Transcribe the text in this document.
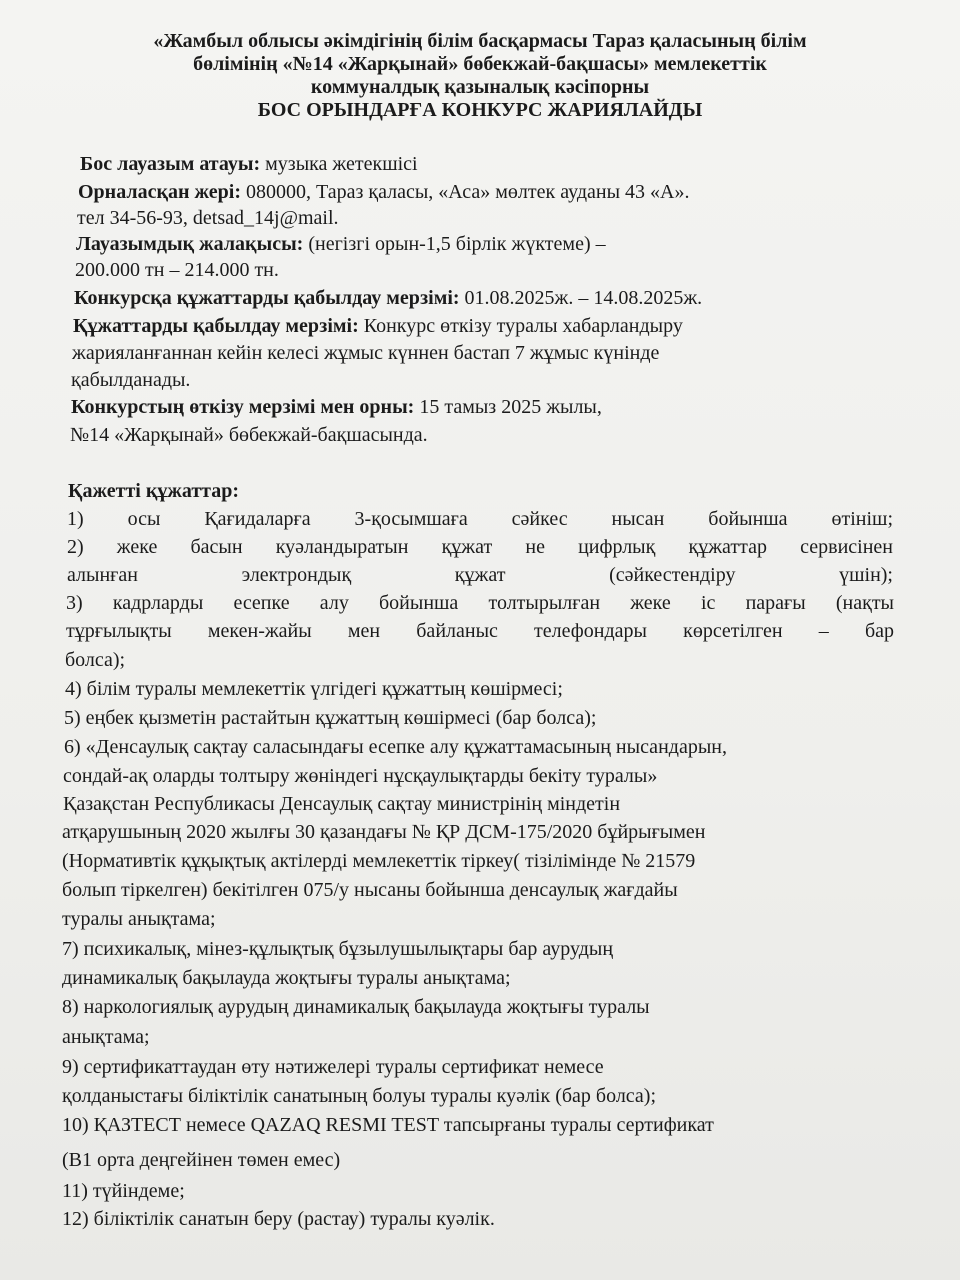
«Жамбыл облысы әкімдігінің білім басқармасы Тараз қаласының білім
бөлімінің «№14 «Жарқынай» бөбекжай-бақшасы» мемлекеттік
коммуналдық қазыналық кәсіпорны
БОС ОРЫНДАРҒА КОНКУРС ЖАРИЯЛАЙДЫ
Бос лауазым атауы: музыка жетекшісі
Орналасқан жері: 080000, Тараз қаласы, «Аса» мөлтек ауданы 43 «А».
тел 34-56-93, detsad_14j@mail.
Лауазымдық жалақысы: (негізгі орын-1,5 бірлік жүктеме) –
200.000 тн – 214.000 тн.
Конкурсқа құжаттарды қабылдау мерзімі: 01.08.2025ж. – 14.08.2025ж.
Құжаттарды қабылдау мерзімі: Конкурс өткізу туралы хабарландыру
жарияланғаннан кейін келесі жұмыс күннен бастап 7 жұмыс күнінде
қабылданады.
Конкурстың өткізу мерзімі мен орны: 15 тамыз 2025 жылы,
№14 «Жарқынай» бөбекжай-бақшасында.
Қажетті құжаттар:
1) осы Қағидаларға 3-қосымшаға сәйкес нысан бойынша өтініш;
2) жеке басын куәландыратын құжат не цифрлық құжаттар сервисінен
алынған электрондық құжат (сәйкестендіру үшін);
3) кадрларды есепке алу бойынша толтырылған жеке іс парағы (нақты
тұрғылықты мекен-жайы мен байланыс телефондары көрсетілген – бар
болса);
4) білім туралы мемлекеттік үлгідегі құжаттың көшірмесі;
5) еңбек қызметін растайтын құжаттың көшірмесі (бар болса);
6) «Денсаулық сақтау саласындағы есепке алу құжаттамасының нысандарын,
сондай-ақ оларды толтыру жөніндегі нұсқаулықтарды бекіту туралы»
Қазақстан Республикасы Денсаулық сақтау министрінің міндетін
атқарушының 2020 жылғы 30 қазандағы № ҚР ДСМ-175/2020 бұйрығымен
(Нормативтік құқықтық актілерді мемлекеттік тіркеу( тізілімінде № 21579
болып тіркелген) бекітілген 075/у нысаны бойынша денсаулық жағдайы
туралы анықтама;
7) психикалық, мінез-құлықтық бұзылушылықтары бар аурудың
динамикалық бақылауда жоқтығы туралы анықтама;
8) наркологиялық аурудың динамикалық бақылауда жоқтығы туралы
анықтама;
9) сертификаттаудан өту нәтижелері туралы сертификат немесе
қолданыстағы біліктілік санатының болуы туралы куәлік (бар болса);
10) ҚАЗТЕСТ немесе QAZAQ RESMI TEST тапсырғаны туралы сертификат
(В1 орта деңгейінен төмен емес)
11) түйіндеме;
12) біліктілік санатын беру (растау) туралы куәлік.
